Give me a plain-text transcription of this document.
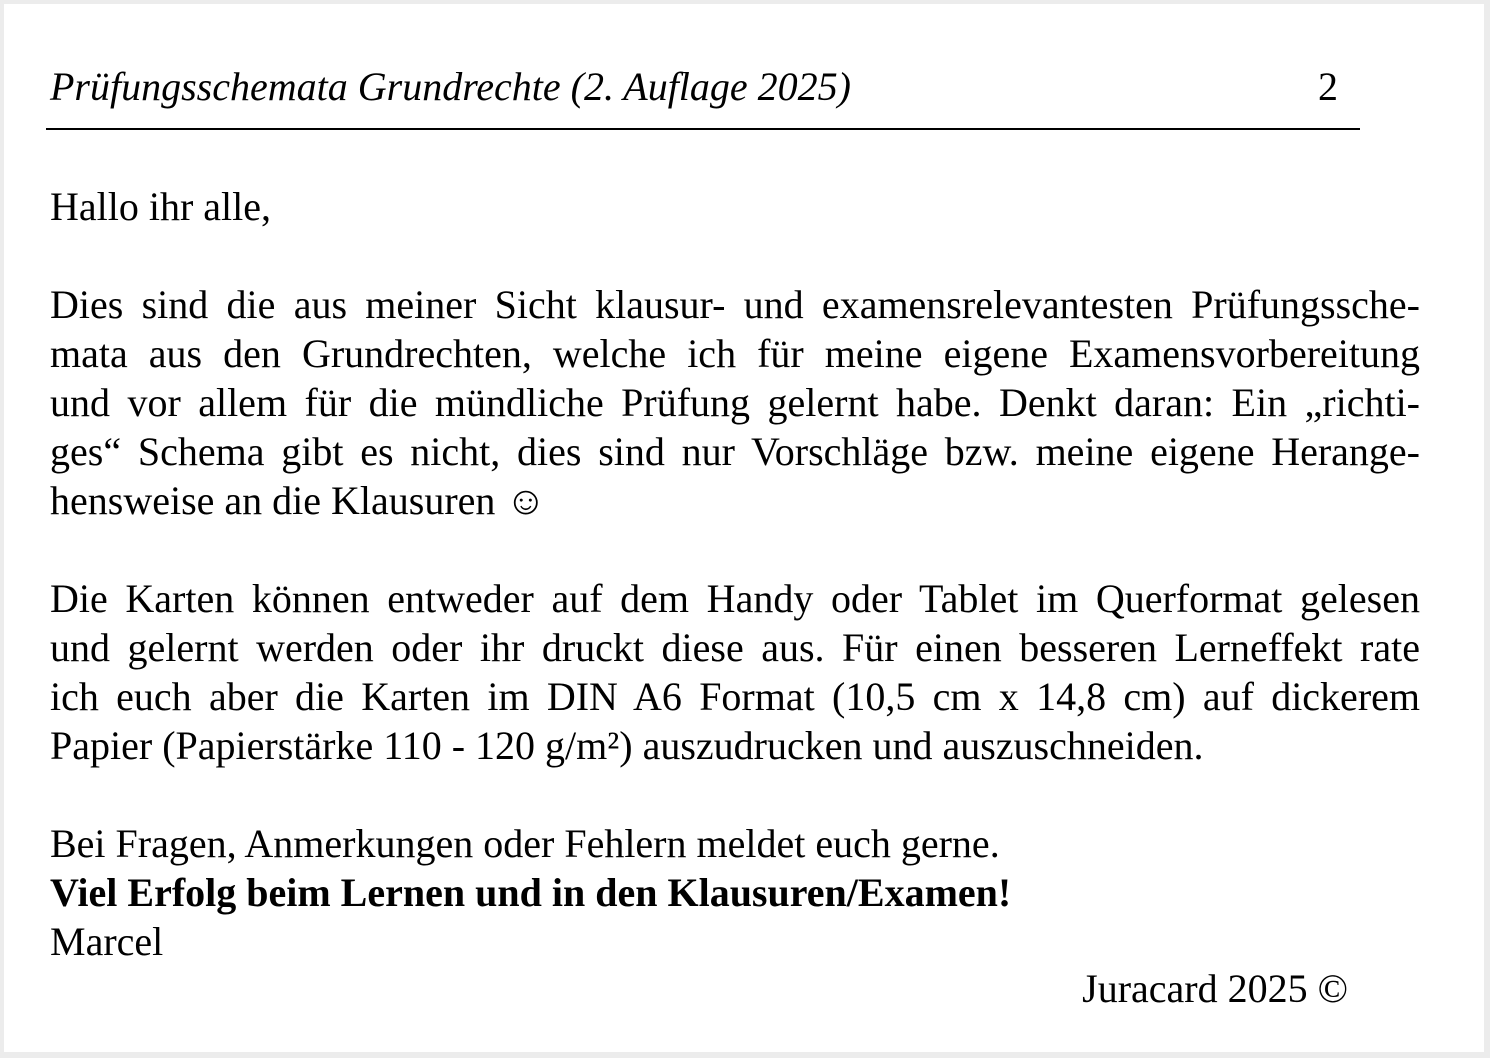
Prüfungsschemata Grundrechte (2. Auflage 2025)	2
Hallo ihr alle,
Dies sind die aus meiner Sicht klausur- und examensrelevantesten Prüfungssche-
mata aus den Grundrechten, welche ich für meine eigene Examensvorbereitung
und vor allem für die mündliche Prüfung gelernt habe. Denkt daran: Ein „richti-
ges“ Schema gibt es nicht, dies sind nur Vorschläge bzw. meine eigene Herange-
hensweise an die Klausuren ☺
Die Karten können entweder auf dem Handy oder Tablet im Querformat gelesen
und gelernt werden oder ihr druckt diese aus. Für einen besseren Lerneffekt rate
ich euch aber die Karten im DIN A6 Format (10,5 cm x 14,8 cm) auf dickerem
Papier (Papierstärke 110 - 120 g/m²) auszudrucken und auszuschneiden.
Bei Fragen, Anmerkungen oder Fehlern meldet euch gerne.
Viel Erfolg beim Lernen und in den Klausuren/Examen!
Marcel
Juracard 2025 ©
